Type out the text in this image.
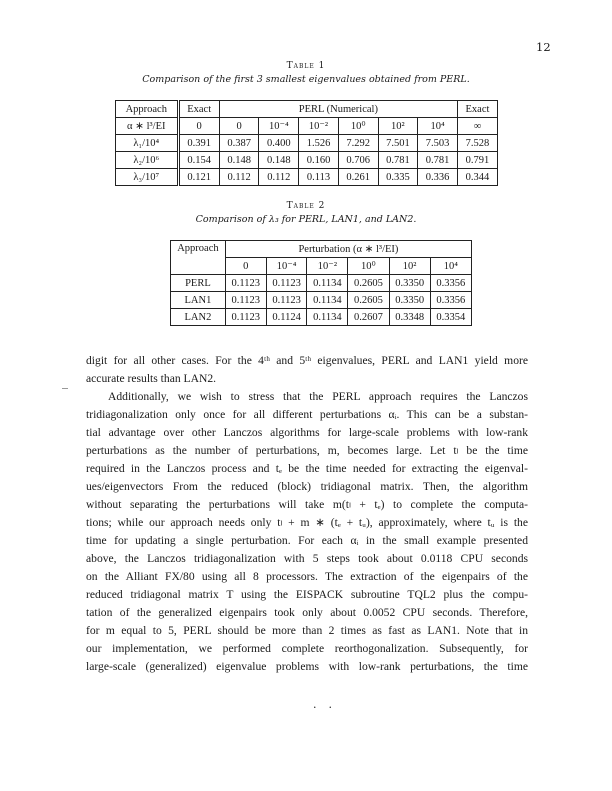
12
Table 1
Comparison of the first 3 smallest eigenvalues obtained from PERL.
Approach	Exact	PERL (Numerical)						Exact
α ∗ l³/EI	0	0	10⁻⁴	10⁻²	10⁰	10²	10⁴	∞
λ₁/10⁴	0.391	0.387	0.400	1.526	7.292	7.501	7.503	7.528
λ₂/10⁶	0.154	0.148	0.148	0.160	0.706	0.781	0.781	0.791
λ₃/10⁷	0.121	0.112	0.112	0.113	0.261	0.335	0.336	0.344
Table 2
Comparison of λ₃ for PERL, LAN1, and LAN2.
Approach	Perturbation (α ∗ l³/EI)					
	0	10⁻⁴	10⁻²	10⁰	10²	10⁴
PERL	0.1123	0.1123	0.1134	0.2605	0.3350	0.3356
LAN1	0.1123	0.1123	0.1134	0.2605	0.3350	0.3356
LAN2	0.1123	0.1124	0.1134	0.2607	0.3348	0.3354
digit for all other cases. For the 4ᵗʰ and 5ᵗʰ eigenvalues, PERL and LAN1 yield more
accurate results than LAN2.
Additionally, we wish to stress that the PERL approach requires the Lanczos
tridiagonalization only once for all different perturbations αᵢ. This can be a substan-
tial advantage over other Lanczos algorithms for large-scale problems with low-rank
perturbations as the number of perturbations, m, becomes large. Let tₗ be the time
required in the Lanczos process and tₑ be the time needed for extracting the eigenval-
ues/eigenvectors From the reduced (block) tridiagonal matrix. Then, the algorithm
without separating the perturbations will take m(tₗ + tₑ) to complete the computa-
tions; while our approach needs only tₗ + m ∗ (tₑ + tᵤ), approximately, where tᵤ is the
time for updating a single perturbation. For each αᵢ in the small example presented
above, the Lanczos tridiagonalization with 5 steps took about 0.0118 CPU seconds
on the Alliant FX/80 using all 8 processors. The extraction of the eigenpairs of the
reduced tridiagonal matrix T using the EISPACK subroutine TQL2 plus the compu-
tation of the generalized eigenpairs took only about 0.0052 CPU seconds. Therefore,
for m equal to 5, PERL should be more than 2 times as fast as LAN1. Note that in
our implementation, we performed complete reorthogonalization. Subsequently, for
large-scale (generalized) eigenvalue problems with low-rank perturbations, the time
..
